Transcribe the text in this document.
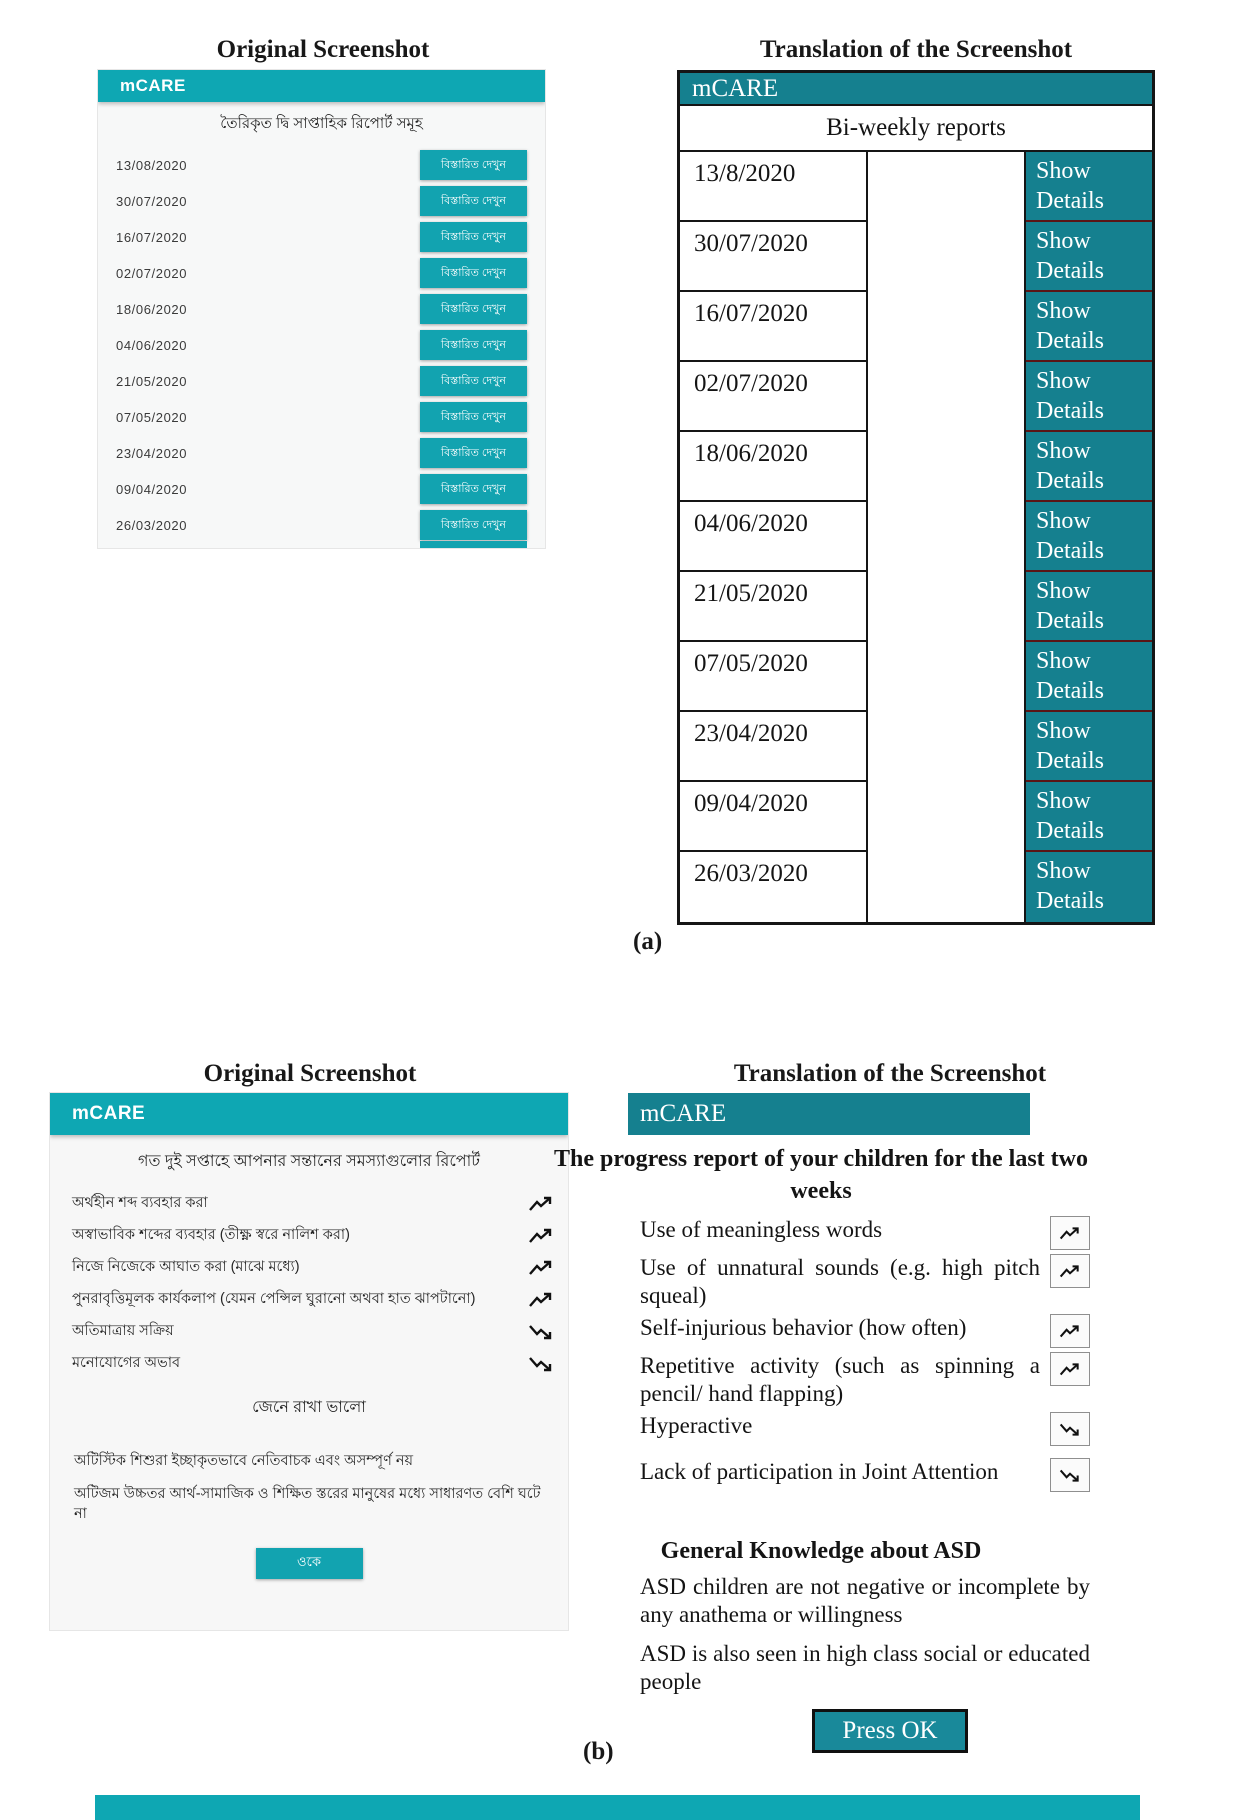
Original Screenshot	Translation of the Screenshot
mCARE
তৈরিকৃত দ্বি সাপ্তাহিক রিপোর্ট সমূহ
13/08/2020	বিস্তারিত দেখুন
30/07/2020	বিস্তারিত দেখুন
16/07/2020	বিস্তারিত দেখুন
02/07/2020	বিস্তারিত দেখুন
18/06/2020	বিস্তারিত দেখুন
04/06/2020	বিস্তারিত দেখুন
21/05/2020	বিস্তারিত দেখুন
07/05/2020	বিস্তারিত দেখুন
23/04/2020	বিস্তারিত দেখুন
09/04/2020	বিস্তারিত দেখুন
26/03/2020	বিস্তারিত দেখুন
mCARE
Bi-weekly reports
13/8/2020	Show Details
30/07/2020	Show Details
16/07/2020	Show Details
02/07/2020	Show Details
18/06/2020	Show Details
04/06/2020	Show Details
21/05/2020	Show Details
07/05/2020	Show Details
23/04/2020	Show Details
09/04/2020	Show Details
26/03/2020	Show Details
(a)
Original Screenshot	Translation of the Screenshot
mCARE
গত দুই সপ্তাহে আপনার সন্তানের সমস্যাগুলোর রিপোর্ট
অর্থহীন শব্দ ব্যবহার করা
অস্বাভাবিক শব্দের ব্যবহার (তীক্ষ্ণ স্বরে নালিশ করা)
নিজে নিজেকে আঘাত করা (মাঝে মধ্যে)
পুনরাবৃত্তিমূলক কার্যকলাপ (যেমন পেন্সিল ঘুরানো অথবা হাত ঝাপটানো)
অতিমাত্রায় সক্রিয়
মনোযোগের অভাব
জেনে রাখা ভালো
অটিস্টিক শিশুরা ইচ্ছাকৃতভাবে নেতিবাচক এবং অসম্পূর্ণ নয়
অটিজম উচ্চতর আর্থ-সামাজিক ও শিক্ষিত স্তরের মানুষের মধ্যে সাধারণত বেশি ঘটে না
ওকে
mCARE
The progress report of your children for the last two weeks
Use of meaningless words
Use of unnatural sounds (e.g. high pitch squeal)
Self-injurious behavior (how often)
Repetitive activity (such as spinning a pencil/ hand flapping)
Hyperactive
Lack of participation in Joint Attention
General Knowledge about ASD
ASD children are not negative or incomplete by any anathema or willingness
ASD is also seen in high class social or educated people
Press OK
(b)
